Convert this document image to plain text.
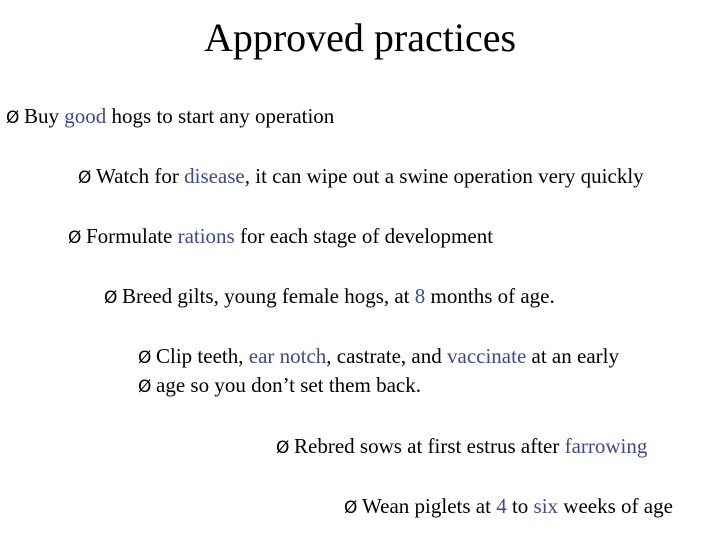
Approved practices
Ø Buy good hogs to start any operation
Ø Watch for disease, it can wipe out a swine operation very quickly
Ø Formulate rations for each stage of development
Ø Breed gilts, young female hogs, at 8 months of age.
Ø Clip teeth, ear notch, castrate, and vaccinate at an early
Ø age so you don’t set them back.
Ø Rebred sows at first estrus after farrowing
Ø Wean piglets at 4 to six weeks of age
